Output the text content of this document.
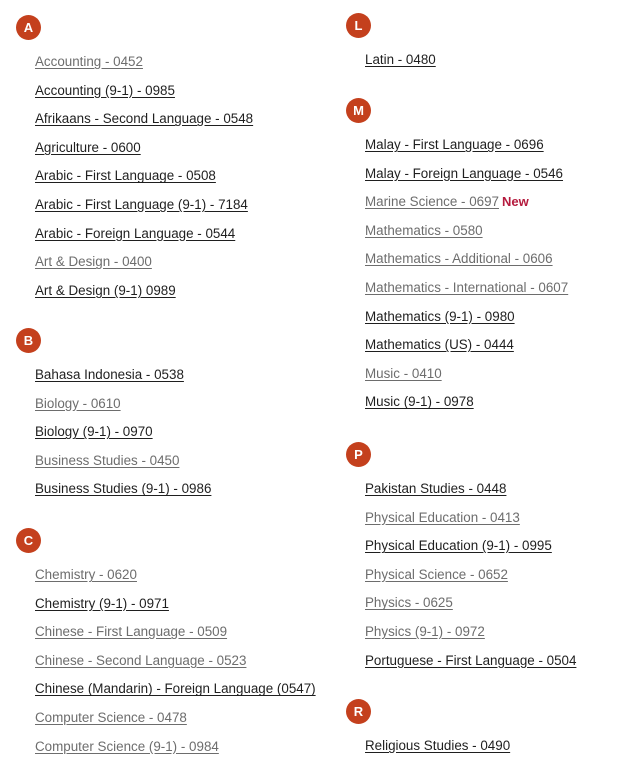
A
Accounting - 0452
Accounting (9-1) - 0985
Afrikaans - Second Language - 0548
Agriculture - 0600
Arabic - First Language - 0508
Arabic - First Language (9-1) - 7184
Arabic - Foreign Language - 0544
Art & Design - 0400
Art & Design (9-1) 0989
B
Bahasa Indonesia - 0538
Biology - 0610
Biology (9-1) - 0970
Business Studies - 0450
Business Studies (9-1) - 0986
C
Chemistry - 0620
Chemistry (9-1) - 0971
Chinese - First Language - 0509
Chinese - Second Language - 0523
Chinese (Mandarin) - Foreign Language (0547)
Computer Science - 0478
Computer Science (9-1) - 0984
L
Latin - 0480
M
Malay - First Language - 0696
Malay - Foreign Language - 0546
Marine Science - 0697 New
Mathematics - 0580
Mathematics - Additional - 0606
Mathematics - International - 0607
Mathematics (9-1) - 0980
Mathematics (US) - 0444
Music - 0410
Music (9-1) - 0978
P
Pakistan Studies - 0448
Physical Education - 0413
Physical Education (9-1) - 0995
Physical Science - 0652
Physics - 0625
Physics (9-1) - 0972
Portuguese - First Language - 0504
R
Religious Studies - 0490
